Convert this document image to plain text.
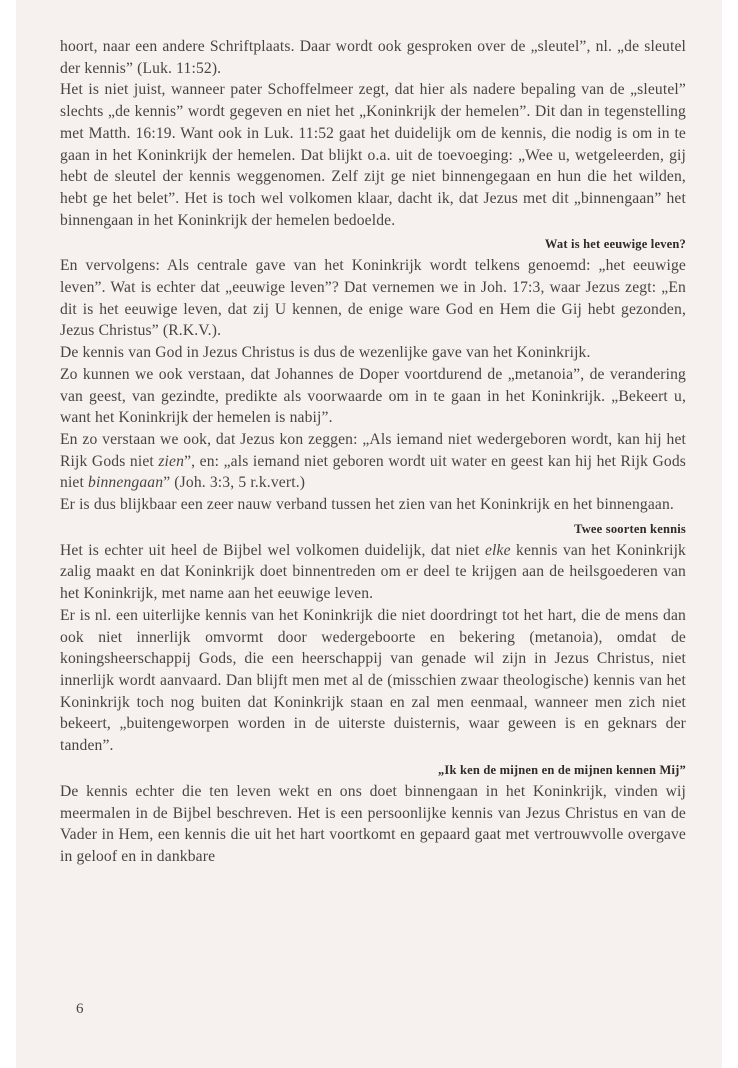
hoort, naar een andere Schriftplaats. Daar wordt ook gesproken over de „sleutel”, nl. „de sleutel der kennis” (Luk. 11:52).

Het is niet juist, wanneer pater Schoffelmeer zegt, dat hier als nadere bepaling van de „sleutel” slechts „de kennis” wordt gegeven en niet het „Koninkrijk der hemelen”. Dit dan in tegenstelling met Matth. 16:19. Want ook in Luk. 11:52 gaat het duidelijk om de kennis, die nodig is om in te gaan in het Koninkrijk der hemelen. Dat blijkt o.a. uit de toevoeging: „Wee u, wetgeleerden, gij hebt de sleutel der kennis weggenomen. Zelf zijt ge niet binnengegaan en hun die het wilden, hebt ge het belet”. Het is toch wel volkomen klaar, dacht ik, dat Jezus met dit „binnengaan” het binnengaan in het Koninkrijk der hemelen bedoelde.

Wat is het eeuwige leven?

En vervolgens: Als centrale gave van het Koninkrijk wordt telkens genoemd: „het eeuwige leven”. Wat is echter dat „eeuwige leven”? Dat vernemen we in Joh. 17:3, waar Jezus zegt: „En dit is het eeuwige leven, dat zij U kennen, de enige ware God en Hem die Gij hebt gezonden, Jezus Christus” (R.K.V.).

De kennis van God in Jezus Christus is dus de wezenlijke gave van het Koninkrijk.

Zo kunnen we ook verstaan, dat Johannes de Doper voortdurend de „metanoia”, de verandering van geest, van gezindte, predikte als voorwaarde om in te gaan in het Koninkrijk. „Bekeert u, want het Koninkrijk der hemelen is nabij”.

En zo verstaan we ook, dat Jezus kon zeggen: „Als iemand niet wedergeboren wordt, kan hij het Rijk Gods niet zien”, en: „als iemand niet geboren wordt uit water en geest kan hij het Rijk Gods niet binnengaan” (Joh. 3:3, 5 r.k.vert.)

Er is dus blijkbaar een zeer nauw verband tussen het zien van het Koninkrijk en het binnengaan.

Twee soorten kennis

Het is echter uit heel de Bijbel wel volkomen duidelijk, dat niet elke kennis van het Koninkrijk zalig maakt en dat Koninkrijk doet binnentreden om er deel te krijgen aan de heilsgoederen van het Koninkrijk, met name aan het eeuwige leven.

Er is nl. een uiterlijke kennis van het Koninkrijk die niet doordringt tot het hart, die de mens dan ook niet innerlijk omvormt door wedergeboorte en bekering (metanoia), omdat de koningsheerschappij Gods, die een heerschappij van genade wil zijn in Jezus Christus, niet innerlijk wordt aanvaard. Dan blijft men met al de (misschien zwaar theologische) kennis van het Koninkrijk toch nog buiten dat Koninkrijk staan en zal men eenmaal, wanneer men zich niet bekeert, „buitengeworpen worden in de uiterste duisternis, waar geween is en geknars der tanden”.

„Ik ken de mijnen en de mijnen kennen Mij”

De kennis echter die ten leven wekt en ons doet binnengaan in het Koninkrijk, vinden wij meermalen in de Bijbel beschreven. Het is een persoonlijke kennis van Jezus Christus en van de Vader in Hem, een kennis die uit het hart voortkomt en gepaard gaat met vertrouwvolle overgave in geloof en in dankbare

6
